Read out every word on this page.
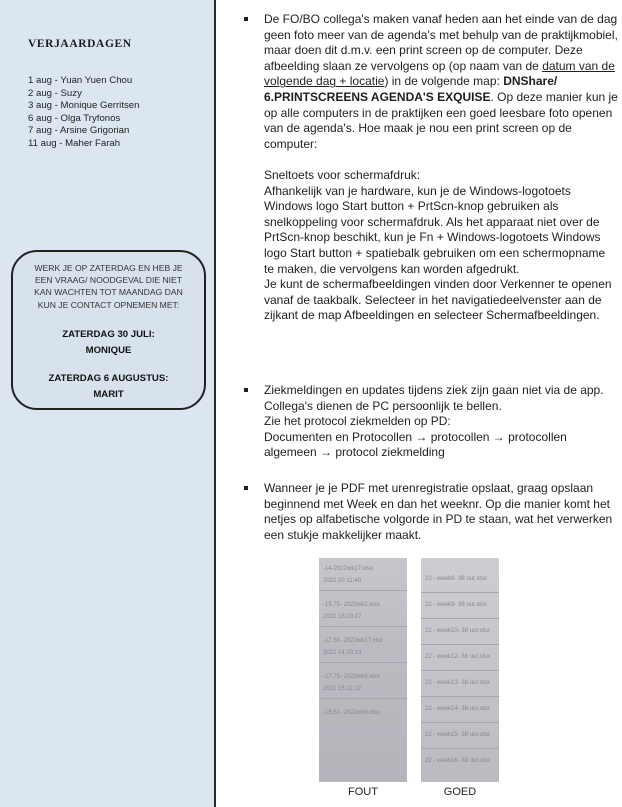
VERJAARDAGEN
1 aug - Yuan Yuen Chou
2 aug - Suzy
3 aug - Monique Gerritsen
6 aug - Olga Tryfonos
7 aug - Arsine Grigorian
11 aug - Maher Farah
WERK JE OP ZATERDAG EN HEB JE EEN VRAAG/ NOODGEVAL DIE NIET KAN WACHTEN TOT MAANDAG DAN KUN JE CONTACT OPNEMEN MET:
ZATERDAG 30 JULI:
MONIQUE
ZATERDAG 6 AUGUSTUS:
MARIT

De FO/BO collega's maken vanaf heden aan het einde van de dag geen foto meer van de agenda's met behulp van de praktijkmobiel, maar doen dit d.m.v. een print screen op de computer. Deze afbeelding slaan ze vervolgens op (op naam van de datum van de volgende dag + locatie) in de volgende map: DNShare/ 6.PRINTSCREENS AGENDA'S EXQUISE. Op deze manier kun je op alle computers in de praktijken een goed leesbare foto openen van de agenda's. Hoe maak je nou een print screen op de computer:

Sneltoets voor schermafdruk:

Afhankelijk van je hardware, kun je de Windows-logotoets Windows logo Start button + PrtScn-knop gebruiken als snelkoppeling voor schermafdruk. Als het apparaat niet over de PrtScn-knop beschikt, kun je Fn + Windows-logotoets Windows logo Start button + spatiebalk gebruiken om een schermopname te maken, die vervolgens kan worden afgedrukt.

Je kunt de schermafbeeldingen vinden door Verkenner te openen vanaf de taakbalk. Selecteer in het navigatiedeelvenster aan de zijkant de map Afbeeldingen en selecteer Schermafbeeldingen.

Ziekmeldingen en updates tijdens ziek zijn gaan niet via de app. Collega's dienen de PC persoonlijk te bellen.

Zie het protocol ziekmelden op PD:

Documenten en Protocollen → protocollen → protocollen algemeen → protocol ziekmelding

Wanneer je je PDF met urenregistratie opslaat, graag opslaan beginnend met Week en dan het weeknr. Op die manier komt het netjes op alfabetische volgorde in PD te staan, wat het verwerken een stukje makkelijker maakt.

-14-2022wk17.xlsx
2022 20:11:40
-15.75- 2022wk2.xlsx
2022 16:20:17
-17.50- 2022wk17.xlsx
2022 14:20:13
-17.75- 2022wk3.xlsx
2022 15:11:12
-18.52- 2022wk9.xlsx
22 - week9- 38 uur.xlsx
22 - week9- 38 uur.xlsx
22 - week10- 38 uur.xlsx
22 - week12- 38 uur.xlsx
22 - week13- 38 uur.xlsx
22 - week14- 38 uur.xlsx
22 - week15- 38 uur.xlsx
22 - week16- 38 uur.xlsx
FOUT	GOED
